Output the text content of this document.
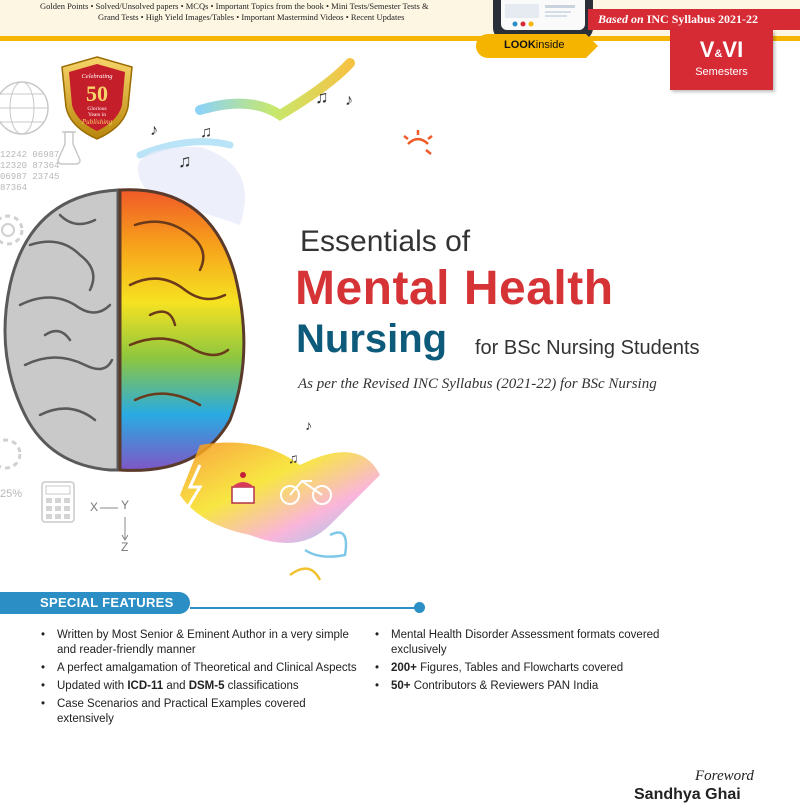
Golden Points • Solved/Unsolved papers • MCQs • Important Topics from the book • Mini Tests/Semester Tests &
Grand Tests • High Yield Images/Tables • Important Mastermind Videos • Recent Updates
LOOKinside
Based on INC Syllabus 2021-22
V&VI
Semesters
Celebrating
50
Glorious
Years in
Publishing
12242 06987
12320 87364
06987 23745
87364
25%
X Y
Z
♪	♫
♫
♫ ♪
♪
♫
Essentials of
Mental Health
Nursing for BSc Nursing Students
As per the Revised INC Syllabus (2021-22) for BSc Nursing
SPECIAL FEATURES
• Written by Most Senior & Eminent Author in a very simple and reader-friendly manner
• A perfect amalgamation of Theoretical and Clinical Aspects
• Updated with ICD-11 and DSM-5 classifications
• Case Scenarios and Practical Examples covered extensively
• Mental Health Disorder Assessment formats covered exclusively
• 200+ Figures, Tables and Flowcharts covered
• 50+ Contributors & Reviewers PAN India
Foreword
Sandhya Ghai
